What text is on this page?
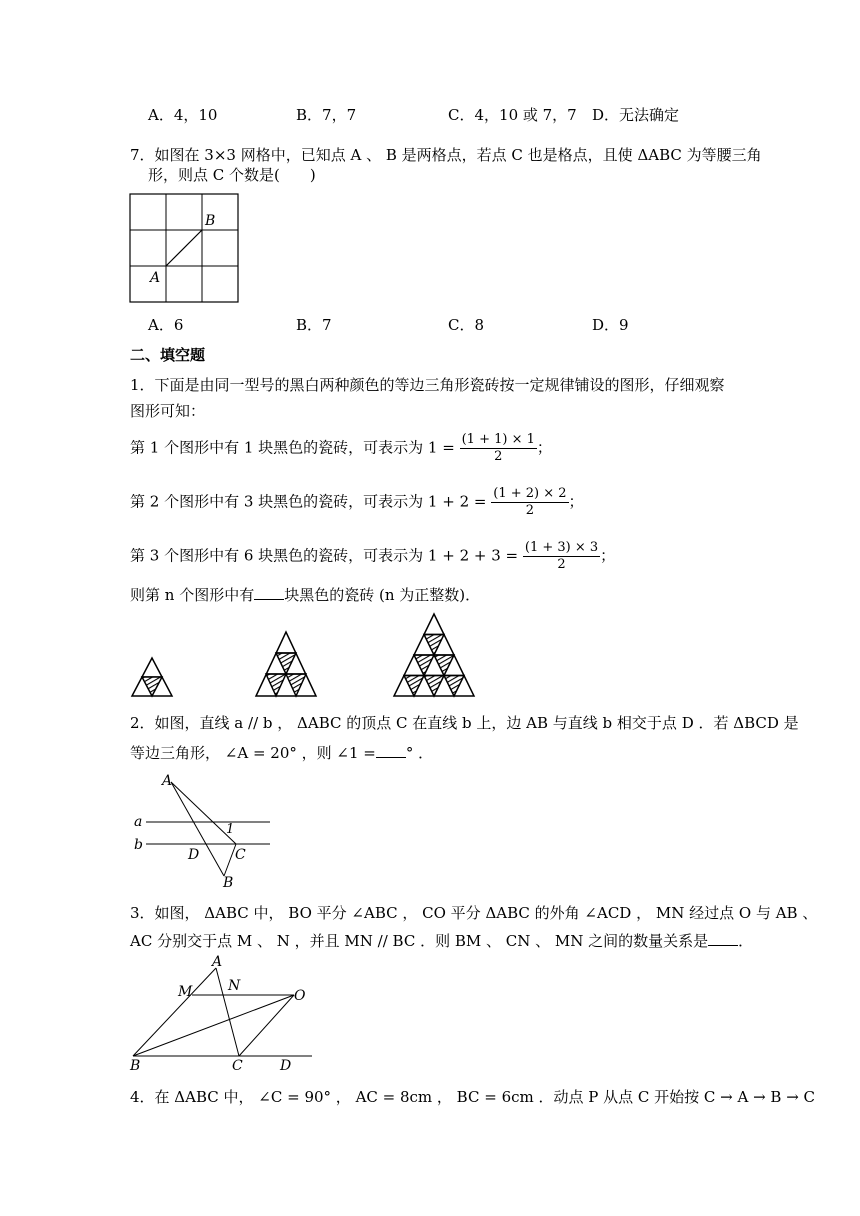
A．4，10	B．7，7	C．4，10 或 7，7 D．无法确定
7．如图在 3×3 网格中，已知点 A 、 B 是两格点，若点 C 也是格点，且使 ΔABC 为等腰三角
形，则点 C 个数是(　　)
B
A
A．6	B．7	C．8	D．9
二、填空题
1．下面是由同一型号的黑白两种颜色的等边三角形瓷砖按一定规律铺设的图形，仔细观察
图形可知：
第 1 个图形中有 1 块黑色的瓷砖，可表示为 $1 = \frac{(1 + 1) \times 1}{2}$ ；
第 2 个图形中有 3 块黑色的瓷砖，可表示为 $1 + 2 = \frac{(1 + 2) \times 2}{2}$ ；
第 3 个图形中有 6 块黑色的瓷砖，可表示为 $1 + 2 + 3 = \frac{(1 + 3) \times 3}{2}$ ；
则第 n 个图形中有 块黑色的瓷砖 (n 为正整数)．
2．如图，直线 a // b ， ΔABC 的顶点 C 在直线 b 上，边 AB 与直线 b 相交于点 D ．若 ΔBCD 是
等边三角形， ∠A = 20° ，则 ∠1 = ° ．
A
a
b
1
D	C
B
3．如图， ΔABC 中， BO 平分 ∠ABC ， CO 平分 ΔABC 的外角 ∠ACD ， MN 经过点 O 与 AB 、
AC 分别交于点 M 、 N ，并且 MN // BC ．则 BM 、 CN 、 MN 之间的数量关系是 ．
A
M	N
O
B	C	D
4．在 ΔABC 中， ∠C = 90° ， AC = 8cm ， BC = 6cm ．动点 P 从点 C 开始按 C → A → B → C
